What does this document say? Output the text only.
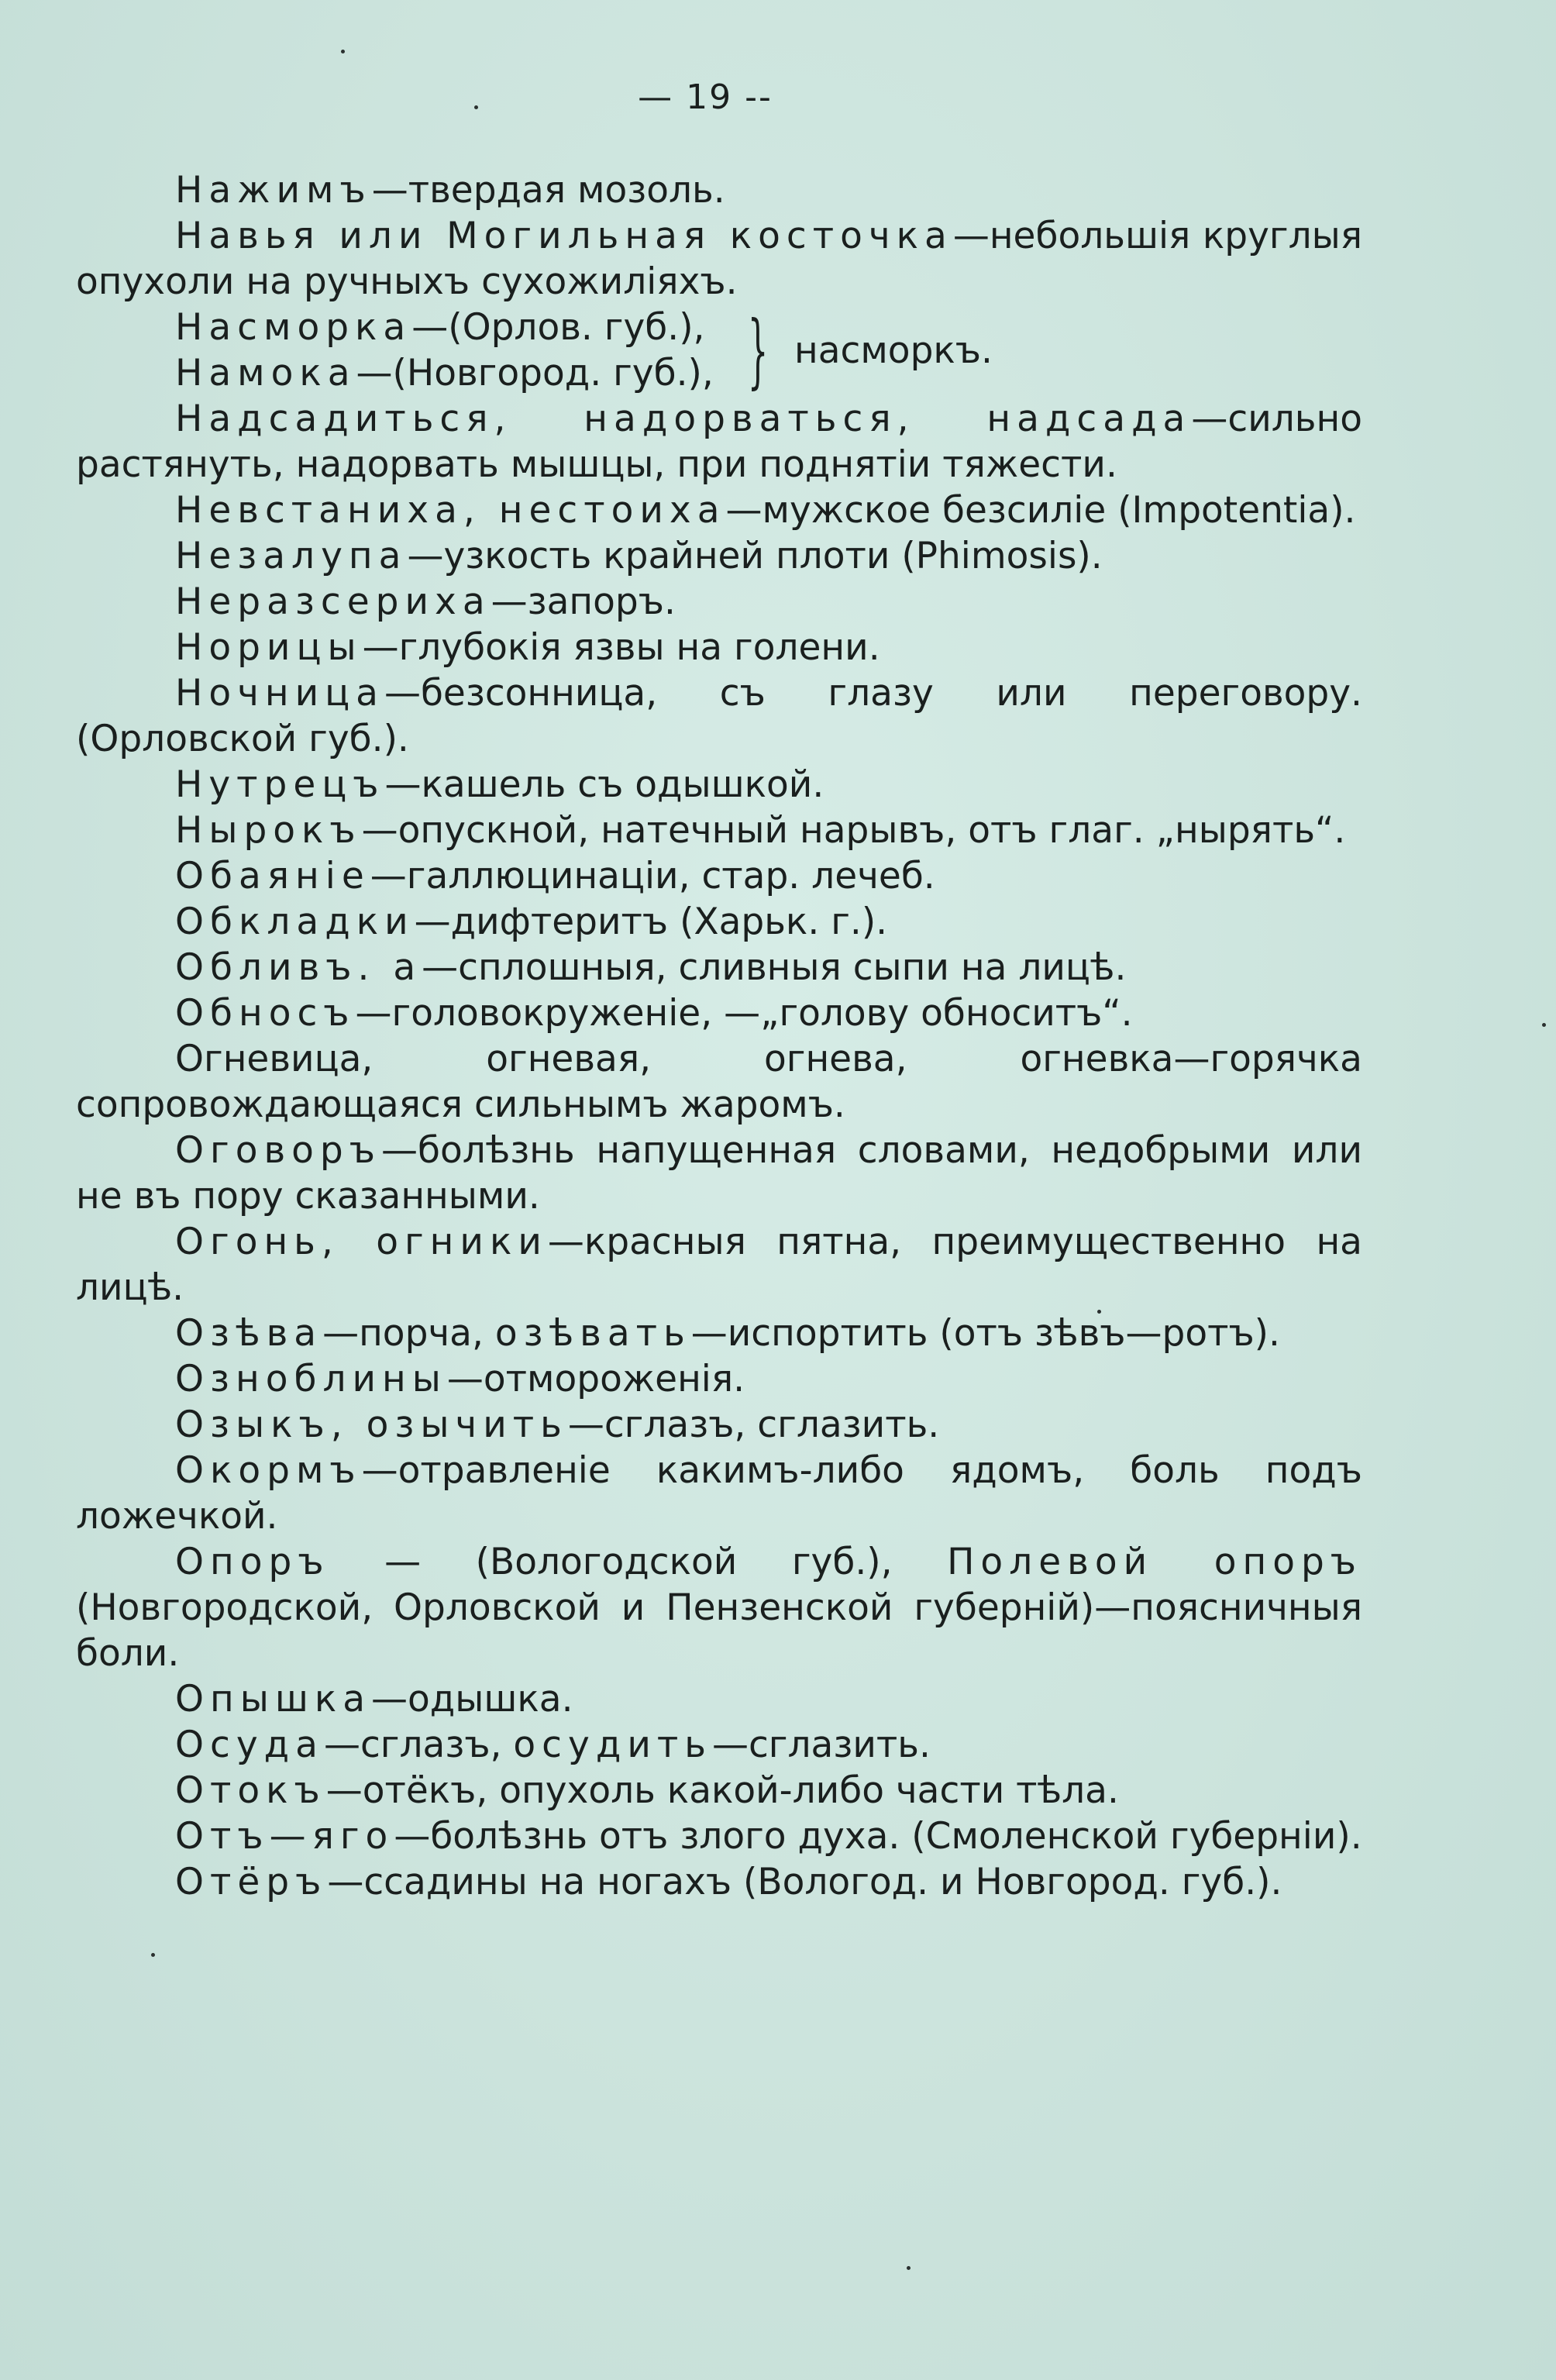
— 19 --

Нажимъ—твердая мозоль.

Навья или Могильная косточка—небольшія круглыя опухоли на ручныхъ сухожиліяхъ.

Насморка—(Орлов. губ.),

Намока—(Новгород. губ.), } насморкъ.

Надсадиться, надорваться, надсада—сильно растянуть, надорвать мышцы, при поднятіи тяжести.

Невстаниха, нестоиха—мужское безсиліе (Impotentia).

Незалупа—узкость крайней плоти (Phimosis).

Неразсериха—запоръ.

Норицы—глубокія язвы на голени.

Ночница—безсонница, съ глазу или переговору. (Орловской губ.).

Нутрецъ—кашель съ одышкой.

Нырокъ—опускной, натечный нарывъ, отъ глаг. „нырять“.

Обаяніе—галлюцинаціи, стар. лечеб.

Обкладки—дифтеритъ (Харьк. г.).

Обливъ. а—сплошныя, сливныя сыпи на лицѣ.

Обносъ—головокруженіе, —„голову обноситъ“.

Огневица, огневая, огнева, огневка—горячка сопровождающаяся сильнымъ жаромъ.

Оговоръ—болѣзнь напущенная словами, недобрыми или не въ пору сказанными.

Огонь, огники—красныя пятна, преимущественно на лицѣ.

Озѣва—порча, озѣвать—испортить (отъ зѣвъ—ротъ).

Озноблины—отмороженія.

Озыкъ, озычить—сглазъ, сглазить.

Окормъ—отравленіе какимъ-либо ядомъ, боль подъ ложечкой.

Опоръ — (Вологодской губ.), Полевой опоръ (Новгородской, Орловской и Пензенской губерній)—поясничныя боли.

Опышка—одышка.

Осуда—сглазъ, осудить—сглазить.

Отокъ—отёкъ, опухоль какой-либо части тѣла.

Отъ—яго—болѣзнь отъ злого духа. (Смоленской губерніи).

Отёръ—ссадины на ногахъ (Вологод. и Новгород. губ.).
